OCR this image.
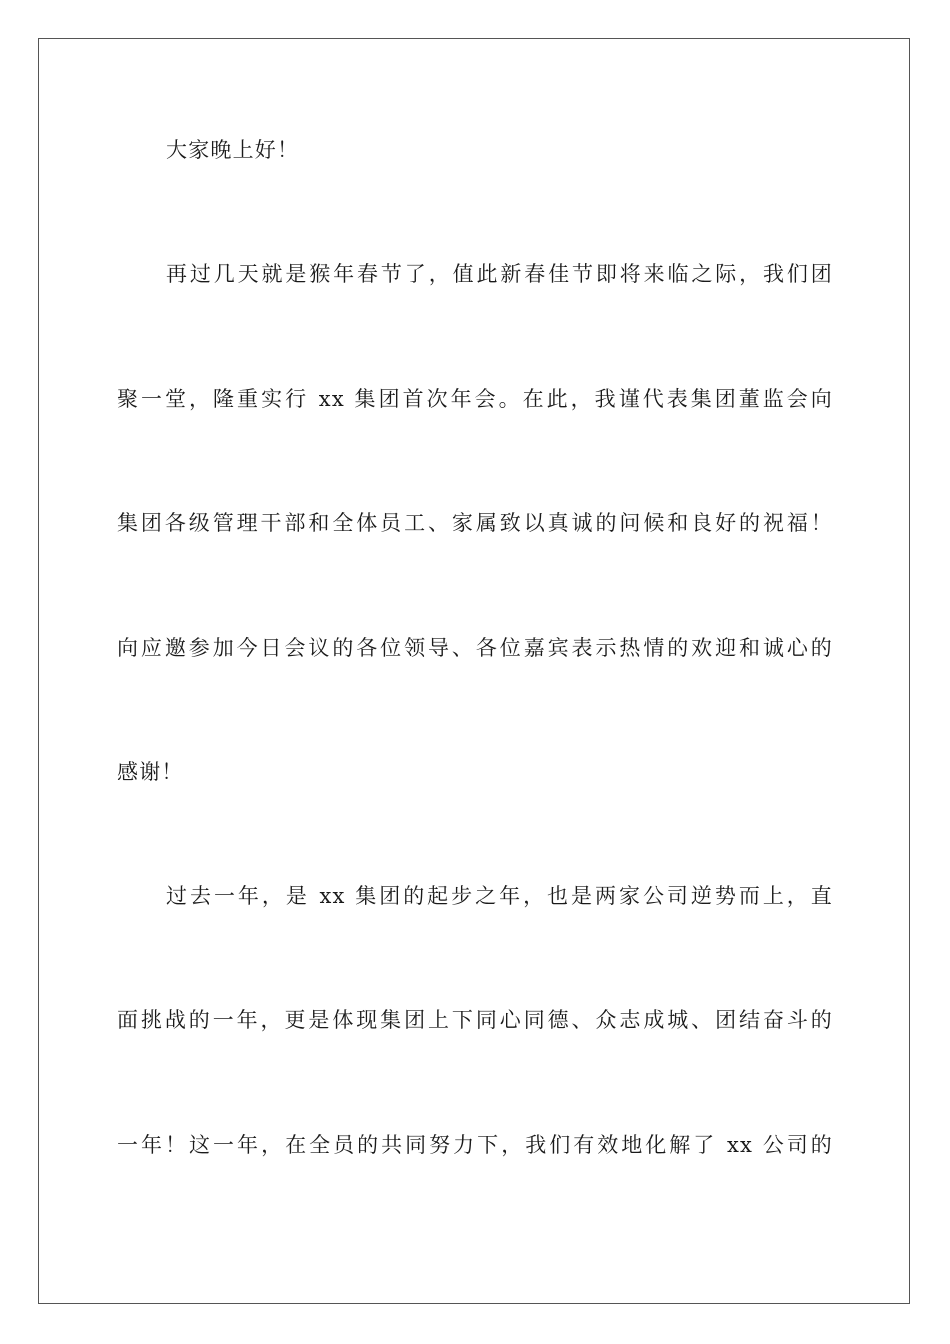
大家晚上好！
再过几天就是猴年春节了，值此新春佳节即将来临之际，我们团
聚一堂，隆重实行 xx 集团首次年会。在此，我谨代表集团董监会向
集团各级管理干部和全体员工、家属致以真诚的问候和良好的祝福！
向应邀参加今日会议的各位领导、各位嘉宾表示热情的欢迎和诚心的
感谢！
过去一年，是 xx 集团的起步之年，也是两家公司逆势而上，直
面挑战的一年，更是体现集团上下同心同德、众志成城、团结奋斗的
一年！这一年，在全员的共同努力下，我们有效地化解了 xx 公司的
